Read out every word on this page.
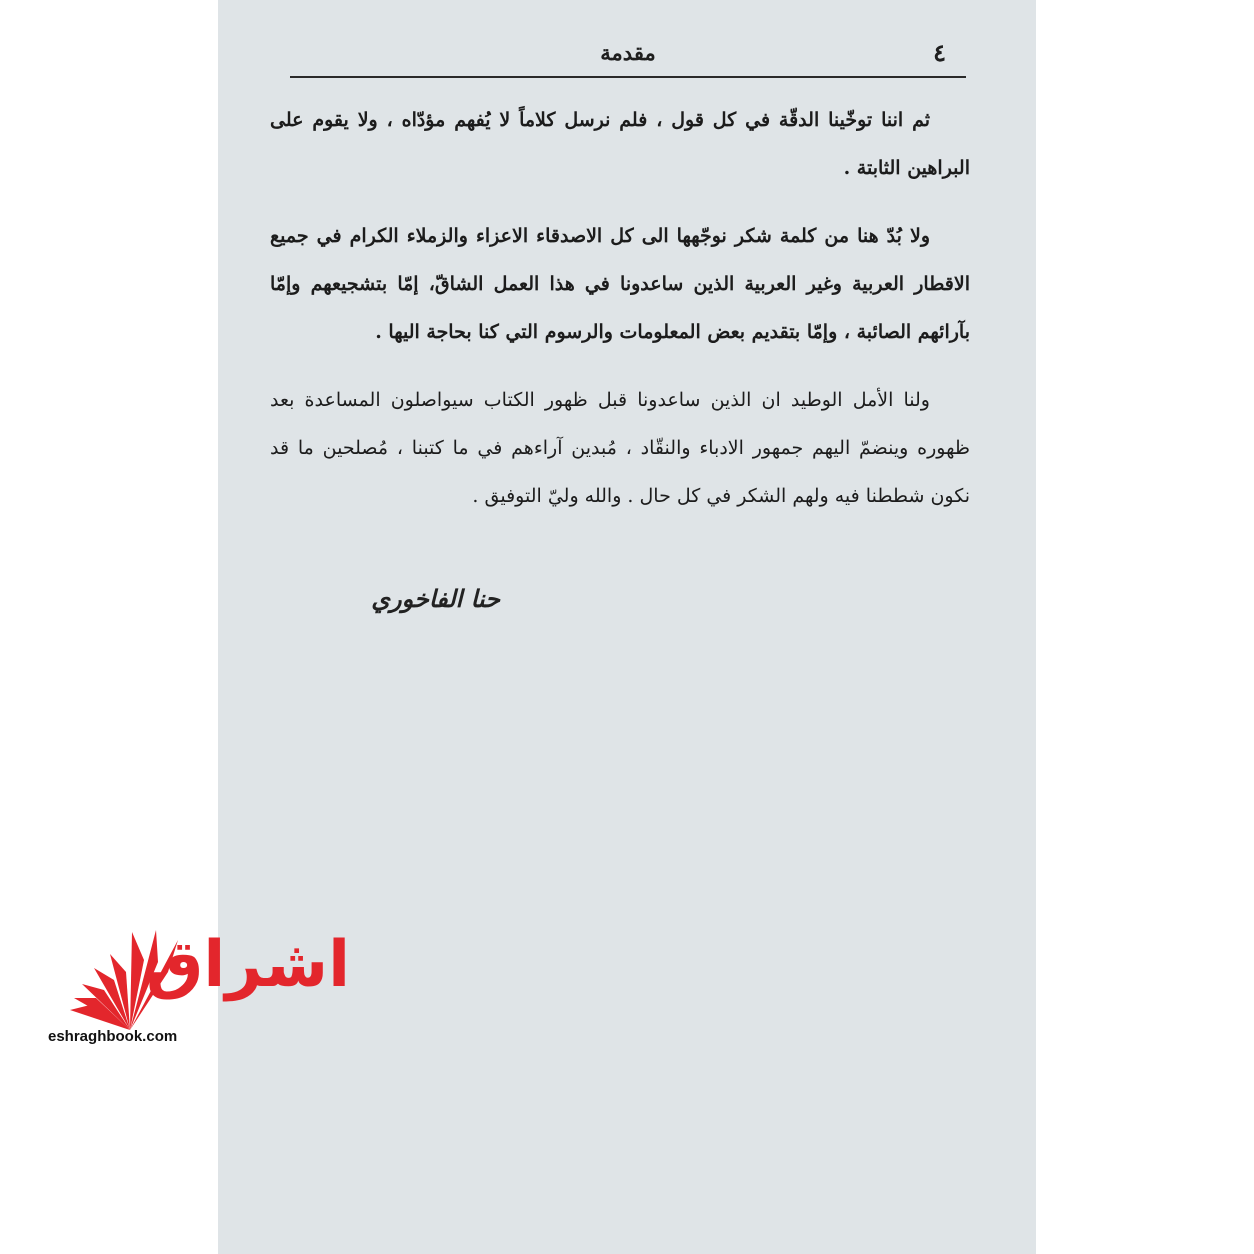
٤
مقدمة

ثم اننا توخّينا الدقّة في كل قول ، فلم نرسل كلاماً لا يُفهم مؤدّاه ، ولا يقوم على البراهين الثابتة .

ولا بُدّ هنا من كلمة شكر نوجّهها الى كل الاصدقاء الاعزاء والزملاء الكرام في جميع الاقطار العربية وغير العربية الذين ساعدونا في هذا العمل الشاقّ، إمّا بتشجيعهم وإمّا بآرائهم الصائبة ، وإمّا بتقديم بعض المعلومات والرسوم التي كنا بحاجة اليها .

ولنا الأمل الوطيد ان الذين ساعدونا قبل ظهور الكتاب سيواصلون المساعدة بعد ظهوره وينضمّ اليهم جمهور الادباء والنقّاد ، مُبدين آراءهم في ما كتبنا ، مُصلحين ما قد نكون شططنا فيه ولهم الشكر في كل حال . والله وليّ التوفيق .

حنا الفاخوري
اشراق
eshraghbook.com
